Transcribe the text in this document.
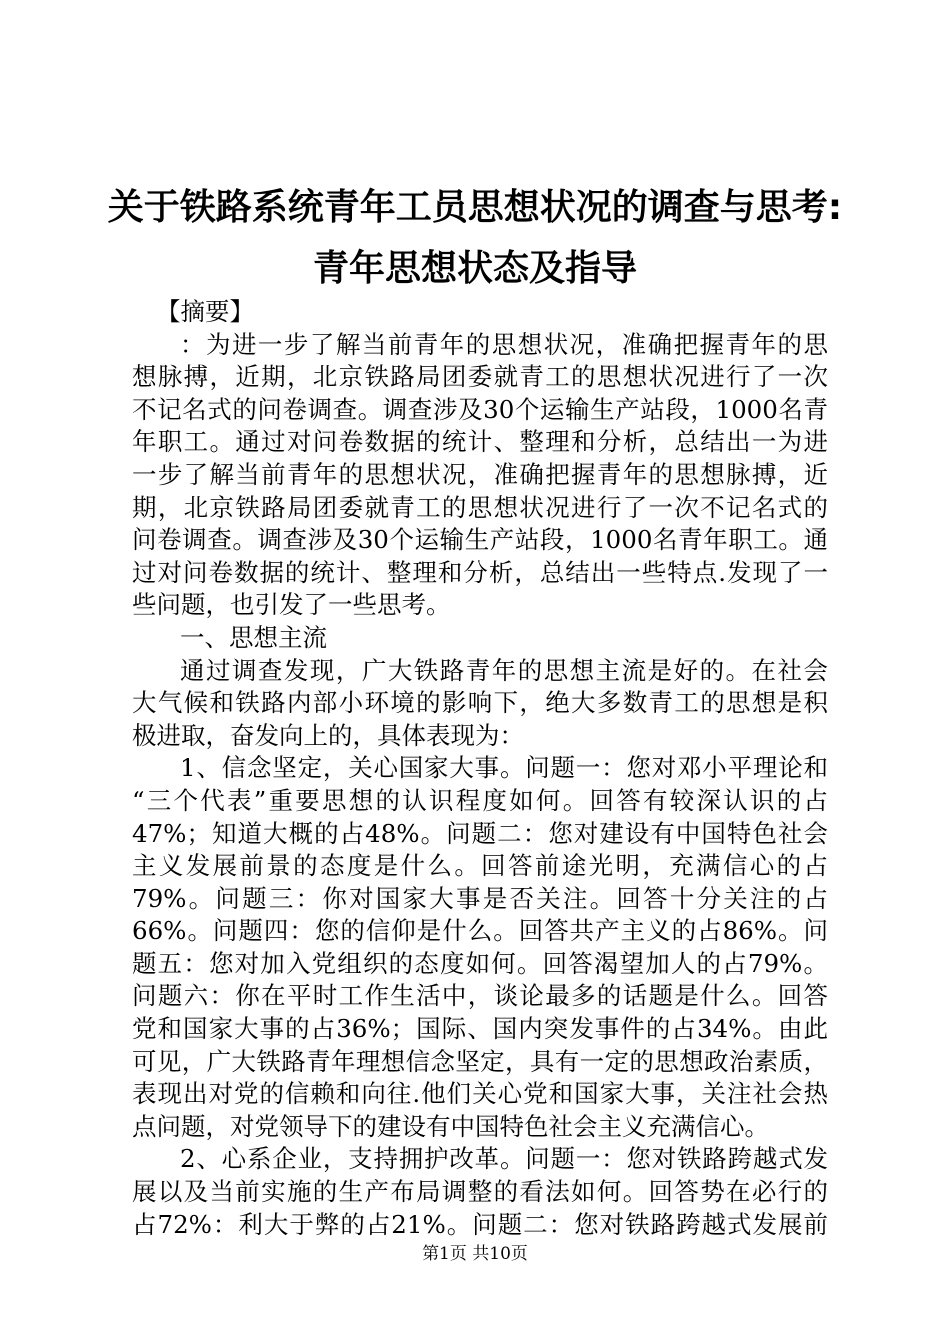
关于铁路系统青年工员思想状况的调查与思考:
青年思想状态及指导
【摘要】
：为进一步了解当前青年的思想状况，准确把握青年的思
想脉搏，近期，北京铁路局团委就青工的思想状况进行了一次
不记名式的问卷调查。调查涉及30个运输生产站段，1000名青
年职工。通过对问卷数据的统计、整理和分析，总结出一为进
一步了解当前青年的思想状况，准确把握青年的思想脉搏，近
期，北京铁路局团委就青工的思想状况进行了一次不记名式的
问卷调查。调查涉及30个运输生产站段，1000名青年职工。通
过对问卷数据的统计、整理和分析，总结出一些特点.发现了一
些问题，也引发了一些思考。
一、思想主流
通过调查发现，广大铁路青年的思想主流是好的。在社会
大气候和铁路内部小环境的影响下，绝大多数青工的思想是积
极进取，奋发向上的，具体表现为：
1、信念坚定，关心国家大事。问题一：您对邓小平理论和
“三个代表”重要思想的认识程度如何。回答有较深认识的占
47%；知道大概的占48%。问题二：您对建设有中国特色社会
主义发展前景的态度是什么。回答前途光明，充满信心的占
79%。问题三：你对国家大事是否关注。回答十分关注的占
66%。问题四：您的信仰是什么。回答共产主义的占86%。问
题五：您对加入党组织的态度如何。回答渴望加人的占79%。
问题六：你在平时工作生活中，谈论最多的话题是什么。回答
党和国家大事的占36%；国际、国内突发事件的占34%。由此
可见，广大铁路青年理想信念坚定，具有一定的思想政治素质，
表现出对党的信赖和向往.他们关心党和国家大事，关注社会热
点问题，对党领导下的建设有中国特色社会主义充满信心。
2、心系企业，支持拥护改革。问题一：您对铁路跨越式发
展以及当前实施的生产布局调整的看法如何。回答势在必行的
占72%：利大于弊的占21%。问题二：您对铁路跨越式发展前
第1页 共10页
